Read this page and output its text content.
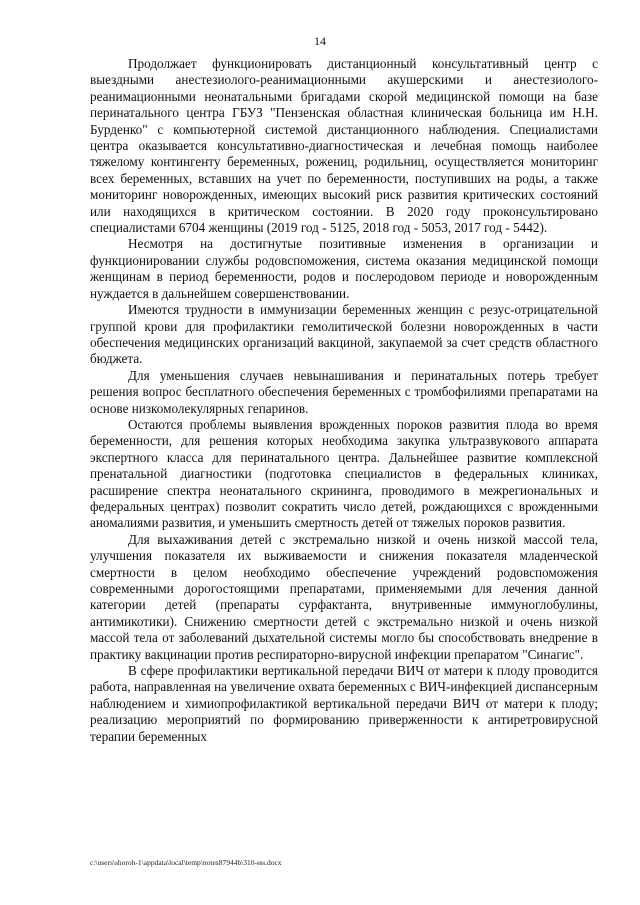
14

Продолжает функционировать дистанционный консультативный центр с выездными анестезиолого-реанимационными акушерскими и анестезиолого-реанимационными неонатальными бригадами скорой медицинской помощи на базе перинатального центра ГБУЗ "Пензенская областная клиническая больница им Н.Н. Бурденко" с компьютерной системой дистанционного наблюдения. Специалистами центра оказывается консультативно-диагностическая и лечебная помощь наиболее тяжелому контингенту беременных, рожениц, родильниц, осуществляется мониторинг всех беременных, вставших на учет по беременности, поступивших на роды, а также мониторинг новорожденных, имеющих высокий риск развития критических состояний или находящихся в критическом состоянии. В 2020 году проконсультировано специалистами 6704 женщины (2019 год - 5125, 2018 год - 5053, 2017 год - 5442).

Несмотря на достигнутые позитивные изменения в организации и функционировании службы родовспоможения, система оказания медицинской помощи женщинам в период беременности, родов и послеродовом периоде и новорожденным нуждается в дальнейшем совершенствовании.

Имеются трудности в иммунизации беременных женщин с резус-отрицательной группой крови для профилактики гемолитической болезни новорожденных в части обеспечения медицинских организаций вакциной, закупаемой за счет средств областного бюджета.

Для уменьшения случаев невынашивания и перинатальных потерь требует решения вопрос бесплатного обеспечения беременных с тромбофилиями препаратами на основе низкомолекулярных гепаринов.

Остаются проблемы выявления врожденных пороков развития плода во время беременности, для решения которых необходима закупка ультразвукового аппарата экспертного класса для перинатального центра. Дальнейшее развитие комплексной пренатальной диагностики (подготовка специалистов в федеральных клиниках, расширение спектра неонатального скрининга, проводимого в межрегиональных и федеральных центрах) позволит сократить число детей, рождающихся с врожденными аномалиями развития, и уменьшить смертность детей от тяжелых пороков развития.

Для выхаживания детей с экстремально низкой и очень низкой массой тела, улучшения показателя их выживаемости и снижения показателя младенческой смертности в целом необходимо обеспечение учреждений родовспоможения современными дорогостоящими препаратами, применяемыми для лечения данной категории детей (препараты сурфактанта, внутривенные иммуноглобулины, антимикотики). Снижению смертности детей с экстремально низкой и очень низкой массой тела от заболеваний дыхательной системы могло бы способствовать внедрение в практику вакцинации против респираторно-вирусной инфекции препаратом "Синагис".

В сфере профилактики вертикальной передачи ВИЧ от матери к плоду проводится работа, направленная на увеличение охвата беременных с ВИЧ-инфекцией диспансерным наблюдением и химиопрофилактикой вертикальной передачи ВИЧ от матери к плоду; реализацию мероприятий по формированию приверженности к антиретровирусной терапии беременных

c:\users\shoroh-1\appdata\local\temp\notes87944b\310-ин.docx
